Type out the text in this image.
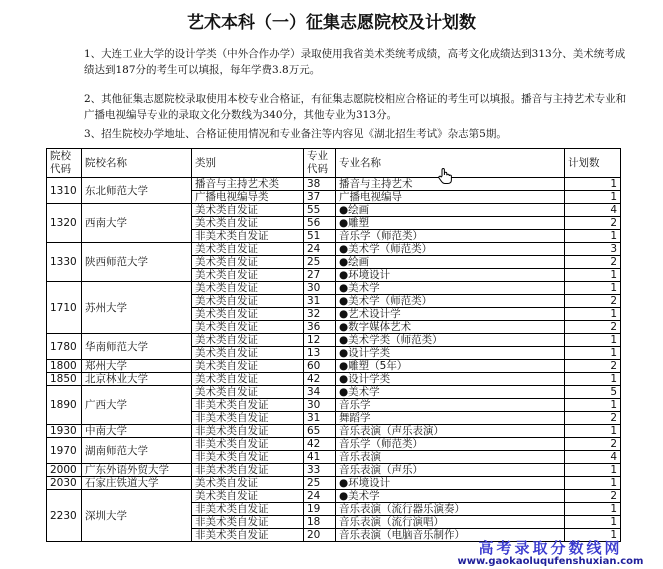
艺术本科（一）征集志愿院校及计划数
1、大连工业大学的设计学类（中外合作办学）录取使用我省美术类统考成绩，高考文化成绩达到313分、美术统考成绩达到187分的考生可以填报，每年学费3.8万元。
2、其他征集志愿院校录取使用本校专业合格证，有征集志愿院校相应合格证的考生可以填报。播音与主持艺术专业和广播电视编导专业的录取文化分数线为340分，其他专业为313分。
3、招生院校办学地址、合格证使用情况和专业备注等内容见《湖北招生考试》杂志第5期。
院校代码	院校名称	类别	专业代码	专业名称	计划数
1310	东北师范大学	播音与主持艺术类	38	播音与主持艺术	1
		广播电视编导类	37	广播电视编导	1
1320	西南大学	美术类自发证	55	●绘画	4
		美术类自发证	56	●雕塑	2
		非美术类自发证	51	音乐学（师范类）	1
1330	陕西师范大学	美术类自发证	24	●美术学（师范类）	3
		美术类自发证	25	●绘画	2
		美术类自发证	27	●环境设计	1
1710	苏州大学	美术类自发证	30	●美术学	1
		美术类自发证	31	●美术学（师范类）	2
		美术类自发证	32	●艺术设计学	1
		美术类自发证	36	●数字媒体艺术	2
1780	华南师范大学	美术类自发证	12	●美术学类（师范类）	1
		美术类自发证	13	●设计学类	1
1800	郑州大学	美术类自发证	60	●雕塑（5年）	2
1850	北京林业大学	美术类自发证	42	●设计学类	1
1890	广西大学	美术类自发证	34	●美术学	5
		非美术类自发证	30	音乐学	1
		非美术类自发证	31	舞蹈学	2
1930	中南大学	非美术类自发证	65	音乐表演（声乐表演）	1
1970	湖南师范大学	非美术类自发证	42	音乐学（师范类）	2
		非美术类自发证	41	音乐表演	4
2000	广东外语外贸大学	非美术类自发证	33	音乐表演（声乐）	1
2030	石家庄铁道大学	美术类自发证	25	●环境设计	1
2230	深圳大学	美术类自发证	24	●美术学	2
		非美术类自发证	19	音乐表演（流行器乐演奏）	1
		非美术类自发证	18	音乐表演（流行演唱）	1
		非美术类自发证	20	音乐表演（电脑音乐制作）	1
高考录取分数线网
www.gaokaoluqufenshuxian.com
